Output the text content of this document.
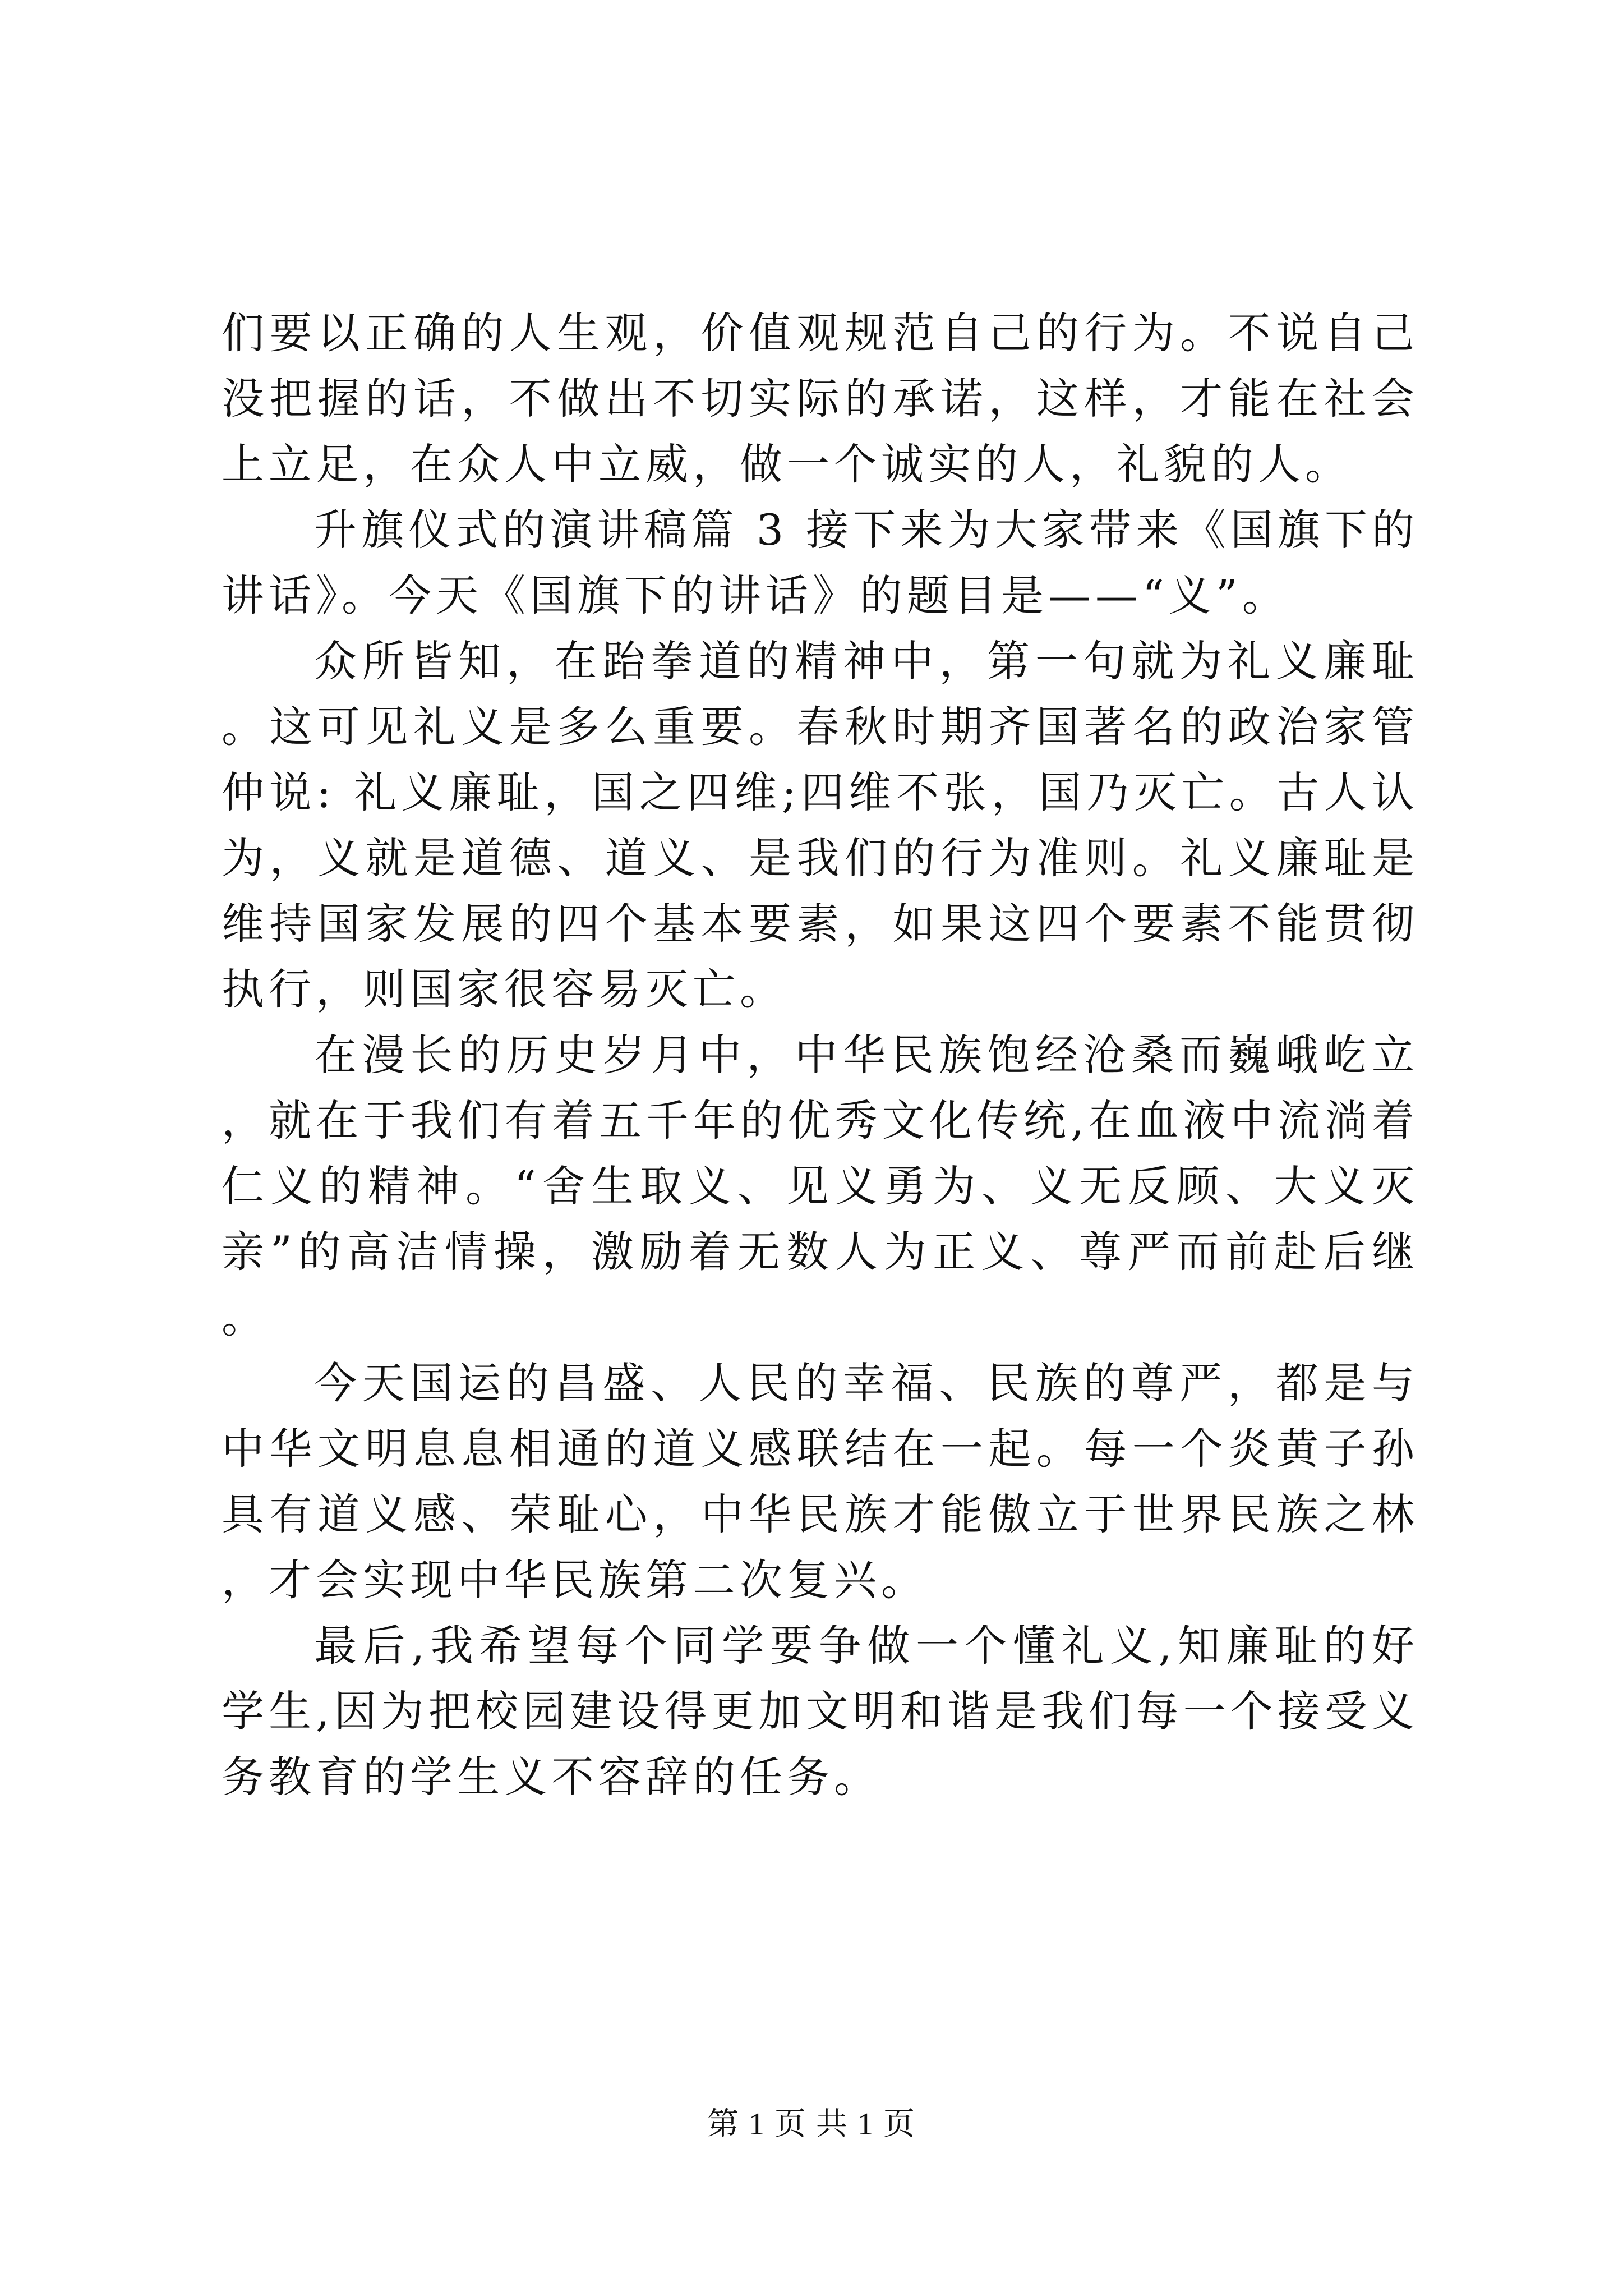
们要以正确的人生观，价值观规范自己的行为。不说自己没把握的话，不做出不切实际的承诺，这样，才能在社会上立足，在众人中立威，做一个诚实的人，礼貌的人。

升旗仪式的演讲稿篇 3 接下来为大家带来《国旗下的讲话》。今天《国旗下的讲话》的题目是——“义”。

众所皆知，在跆拳道的精神中，第一句就为礼义廉耻。这可见礼义是多么重要。春秋时期齐国著名的政治家管仲说: 礼义廉耻，国之四维;四维不张，国乃灭亡。古人认为，义就是道德、道义、是我们的行为准则。礼义廉耻是维持国家发展的四个基本要素，如果这四个要素不能贯彻执行，则国家很容易灭亡。

在漫长的历史岁月中，中华民族饱经沧桑而巍峨屹立，就在于我们有着五千年的优秀文化传统,在血液中流淌着仁义的精神。“舍生取义、见义勇为、义无反顾、大义灭亲”的高洁情操，激励着无数人为正义、尊严而前赴后继。

今天国运的昌盛、人民的幸福、民族的尊严，都是与中华文明息息相通的道义感联结在一起。每一个炎黄子孙具有道义感、荣耻心，中华民族才能傲立于世界民族之林，才会实现中华民族第二次复兴。

最后,我希望每个同学要争做一个懂礼义,知廉耻的好学生,因为把校园建设得更加文明和谐是我们每一个接受义务教育的学生义不容辞的任务。

第 1 页 共 1 页
